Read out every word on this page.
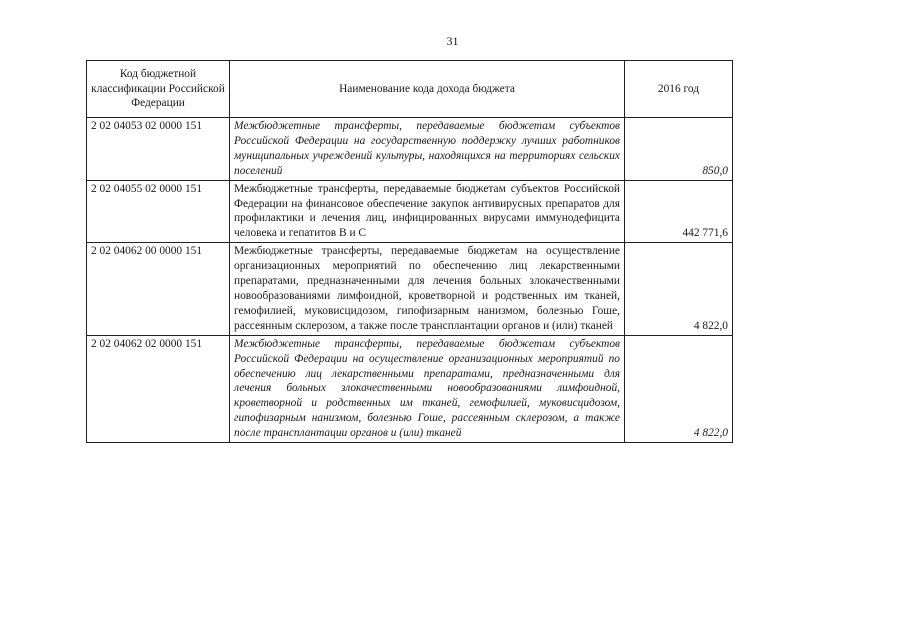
31
Код бюджетной классификации Российской Федерации	Наименование кода дохода бюджета	2016 год
2 02 04053 02 0000 151	Межбюджетные трансферты, передаваемые бюджетам субъектов Российской Федерации на государственную поддержку лучших работников муниципальных учреждений культуры, находящихся на территориях сельских поселений	850,0
2 02 04055 02 0000 151	Межбюджетные трансферты, передаваемые бюджетам субъектов Российской Федерации на финансовое обеспечение закупок антивирусных препаратов для профилактики и лечения лиц, инфицированных вирусами иммунодефицита человека и гепатитов В и С	442 771,6
2 02 04062 00 0000 151	Межбюджетные трансферты, передаваемые бюджетам на осуществление организационных мероприятий по обеспечению лиц лекарственными препаратами, предназначенными для лечения больных злокачественными новообразованиями лимфоидной, кроветворной и родственных им тканей, гемофилией, муковисцидозом, гипофизарным нанизмом, болезнью Гоше, рассеянным склерозом, а также после трансплантации органов и (или) тканей	4 822,0
2 02 04062 02 0000 151	Межбюджетные трансферты, передаваемые бюджетам субъектов Российской Федерации на осуществление организационных мероприятий по обеспечению лиц лекарственными препаратами, предназначенными для лечения больных злокачественными новообразованиями лимфоидной, кроветворной и родственных им тканей, гемофилией, муковисцидозом, гипофизарным нанизмом, болезнью Гоше, рассеянным склерозом, а также после трансплантации органов и (или) тканей	4 822,0
